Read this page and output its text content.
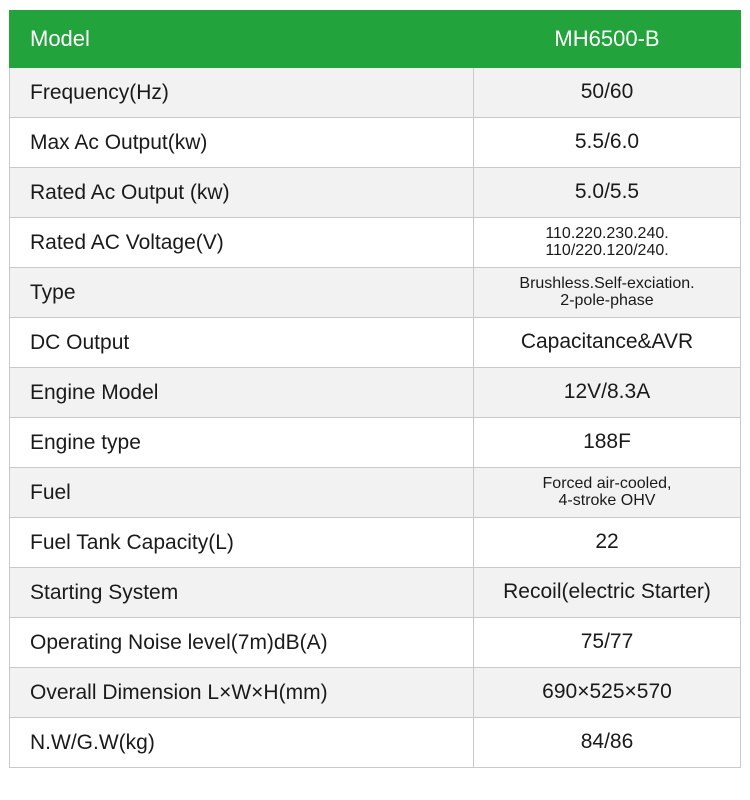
Model	MH6500-B
Frequency(Hz)	50/60

Max Ac Output(kw)	5.5/6.0

Rated Ac Output (kw)	5.0/5.5

Rated AC Voltage(V)	110.220.230.240.
110/220.120/240.

Type	Brushless.Self-exciation.
2-pole-phase

DC Output	Capacitance&AVR

Engine Model	12V/8.3A

Engine type	188F

Fuel	Forced air-cooled,
4-stroke OHV

Fuel Tank Capacity(L)	22

Starting System	Recoil(electric Starter)

Operating Noise level(7m)dB(A)	75/77

Overall Dimension L×W×H(mm)	690×525×570

N.W/G.W(kg)	84/86
